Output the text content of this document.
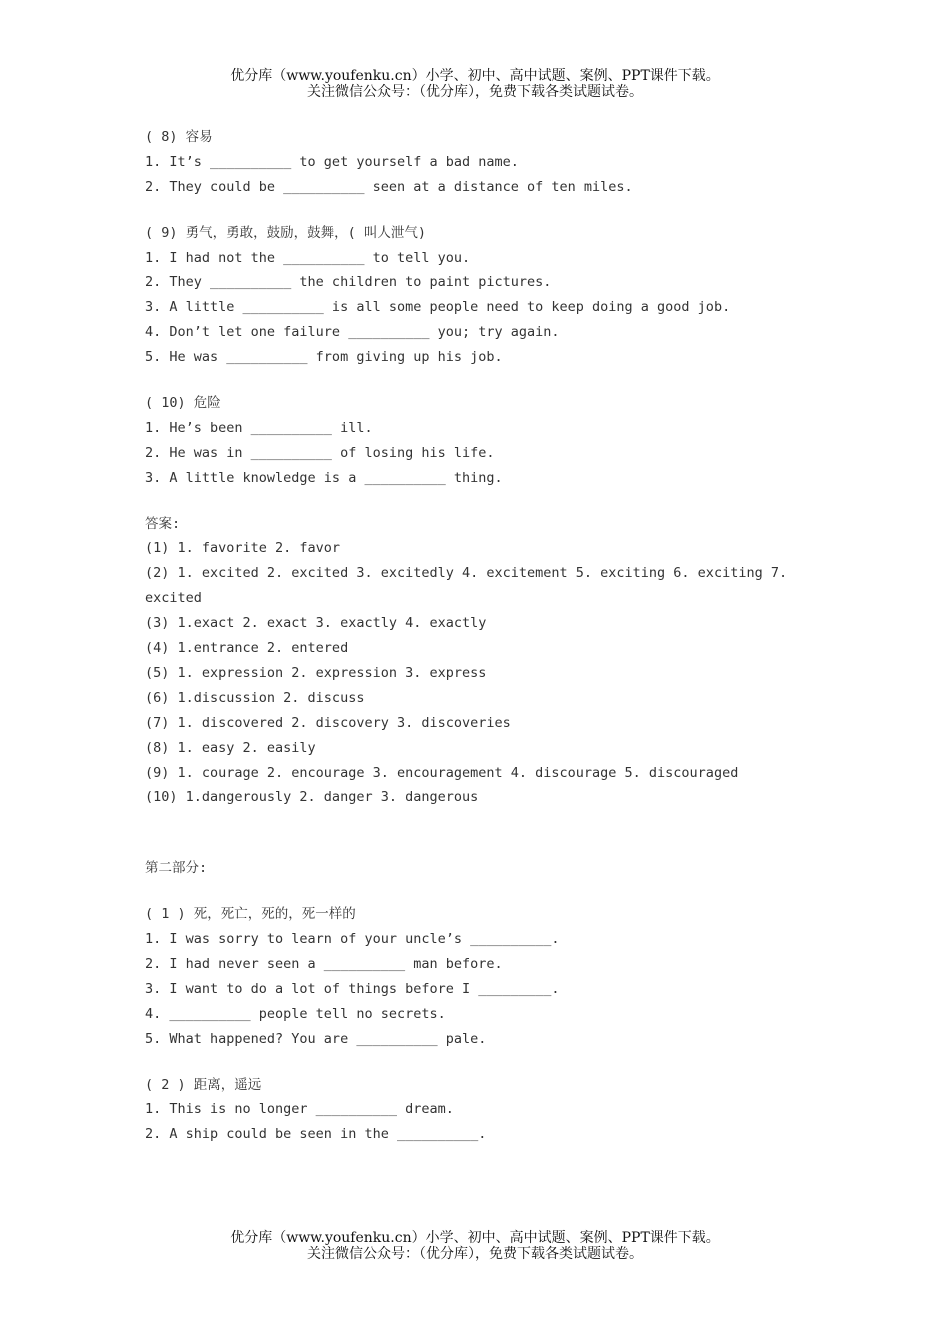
优分库（www.youfenku.cn）小学、初中、高中试题、案例、PPT课件下载。
关注微信公众号：（优分库），免费下载各类试题试卷。
( 8) 容易
1. It’s __________ to get yourself a bad name.
2. They could be __________ seen at a distance of ten miles.
( 9) 勇气，勇敢，鼓励，鼓舞，( 叫人泄气)
1. I had not the __________ to tell you.
2. They __________ the children to paint pictures.
3. A little __________ is all some people need to keep doing a good job.
4. Don’t let one failure __________ you; try again.
5. He was __________ from giving up his job.
( 10) 危险
1. He’s been __________ ill.
2. He was in __________ of losing his life.
3. A little knowledge is a __________ thing.
答案:
(1) 1. favorite 2. favor
(2) 1. excited 2. excited 3. excitedly 4. excitement 5. exciting 6. exciting 7. excited
(3) 1.exact 2. exact 3. exactly 4. exactly
(4) 1.entrance 2. entered
(5) 1. expression 2. expression 3. express
(6) 1.discussion 2. discuss
(7) 1. discovered 2. discovery 3. discoveries
(8) 1. easy 2. easily
(9) 1. courage 2. encourage 3. encouragement 4. discourage 5. discouraged
(10) 1.dangerously 2. danger 3. dangerous
第二部分:
( 1 ) 死，死亡，死的，死一样的
1. I was sorry to learn of your uncle’s __________.
2. I had never seen a __________ man before.
3. I want to do a lot of things before I _________.
4. __________ people tell no secrets.
5. What happened? You are __________ pale.
( 2 ) 距离，遥远
1. This is no longer __________ dream.
2. A ship could be seen in the __________.
优分库（www.youfenku.cn）小学、初中、高中试题、案例、PPT课件下载。
关注微信公众号：（优分库），免费下载各类试题试卷。
